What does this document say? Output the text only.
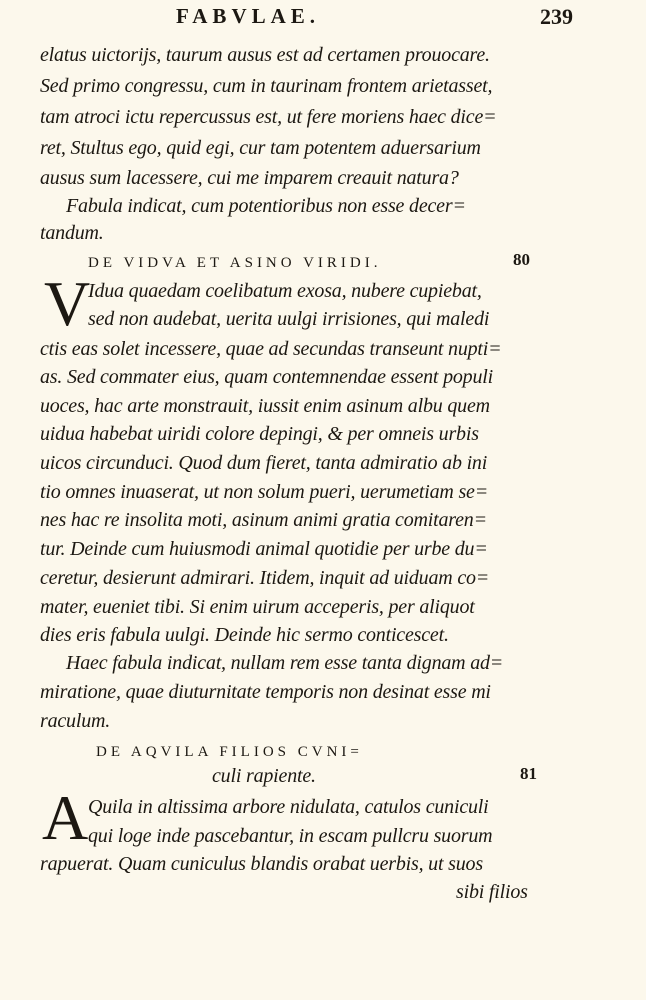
FABVLAE.	239
elatus uictorijs, taurum ausus est ad certamen prouocare.
Sed primo congressu, cum in taurinam frontem arietasset,
tam atroci ictu repercussus est, ut fere moriens haec dice=
ret, Stultus ego, quid egi, cur tam potentem aduersarium
ausus sum lacessere, cui me imparem creauit natura?
Fabula indicat, cum potentioribus non esse decer=
tandum.
DE VIDVA ET ASINO VIRIDI.	80
V
Idua quaedam coelibatum exosa, nubere cupiebat,
sed non audebat, uerita uulgi irrisiones, qui maledi
ctis eas solet incessere, quae ad secundas transeunt nupti=
as. Sed commater eius, quam contemnendae essent populi
uoces, hac arte monstrauit, iussit enim asinum albu quem
uidua habebat uiridi colore depingi, & per omneis urbis
uicos circunduci. Quod dum fieret, tanta admiratio ab ini
tio omnes inuaserat, ut non solum pueri, uerumetiam se=
nes hac re insolita moti, asinum animi gratia comitaren=
tur. Deinde cum huiusmodi animal quotidie per urbe du=
ceretur, desierunt admirari. Itidem, inquit ad uiduam co=
mater, eueniet tibi. Si enim uirum acceperis, per aliquot
dies eris fabula uulgi. Deinde hic sermo conticescet.
Haec fabula indicat, nullam rem esse tanta dignam ad=
miratione, quae diuturnitate temporis non desinat esse mi
raculum.
DE AQVILA FILIOS CVNI=
culi rapiente.	81
A Quila in altissima arbore nidulata, catulos cuniculi
qui loge inde pascebantur, in escam pullcru suorum
rapuerat. Quam cuniculus blandis orabat uerbis, ut suos
sibi filios
